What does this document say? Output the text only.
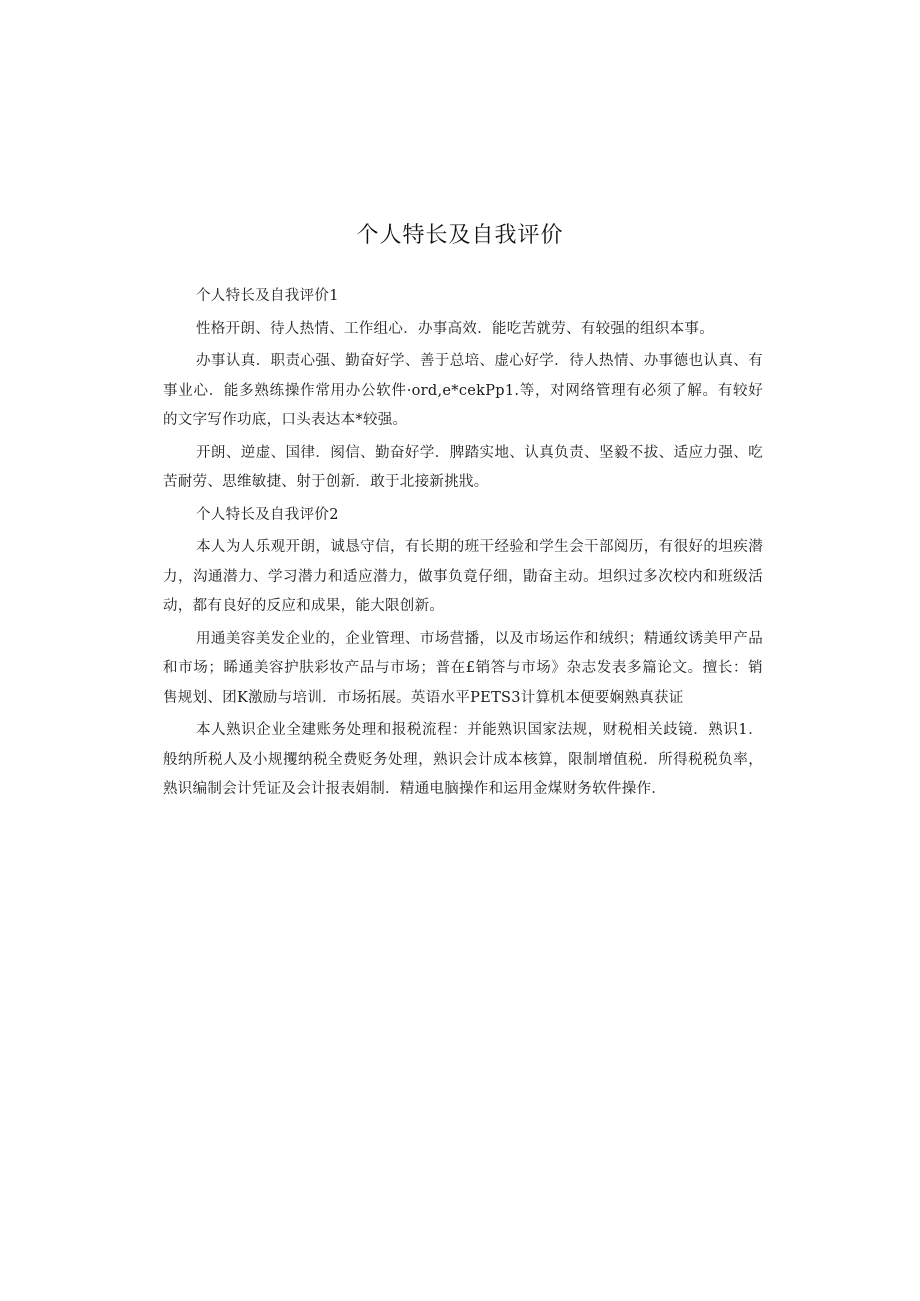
个人特长及自我评价

个人特长及自我评价1

性格开朗、待人热情、工作组心．办事高效．能吃苦就劳、有较强的组织本事。

办事认真．职责心强、勤奋好学、善于总培、虚心好学．待人热情、办事德也认真、有事业心．能多熟练操作常用办公软件·ord,e*cekPp1.等，对网络管理有必须了解。有较好的文字写作功底，口头表达本*较强。

开朗、逆虚、国律．阂信、勤奋好学．脾踏实地、认真负责、坚毅不拔、适应力强、吃苦耐劳、思维敏捷、射于创新．敢于北接新挑戕。

个人特长及自我评价2

本人为人乐观开朗，诚恳守信，有长期的班干经验和学生会干部阅历，有很好的坦疾潜力，沟通潜力、学习潜力和适应潜力，做事负竟仔细，勖奋主动。坦织过多次校内和班级活动，都有良好的反应和成果，能大限创新。

用通美容美发企业的，企业管理、市场营播，以及市场运作和绒织；精通纹诱美甲产品和市场；睎通美容护肤彩妆产品与市场；普在£销答与市场》杂志发表多篇论文。擅长：销售规划、团K激励与培训．市场拓展。英语水平PETS3计算机本便要娴熟真获证

本人熟识企业全建账务处理和报税流程：并能熟识国家法规，财税相关歧镜．熟识1．般纳所税人及小规攫纳税全费贬务处理，熟识会计成本核算，限制增值税．所得税税负率，熟识编制会计凭证及会计报表娟制．精通电脑操作和运用金煤财务软件操作．
